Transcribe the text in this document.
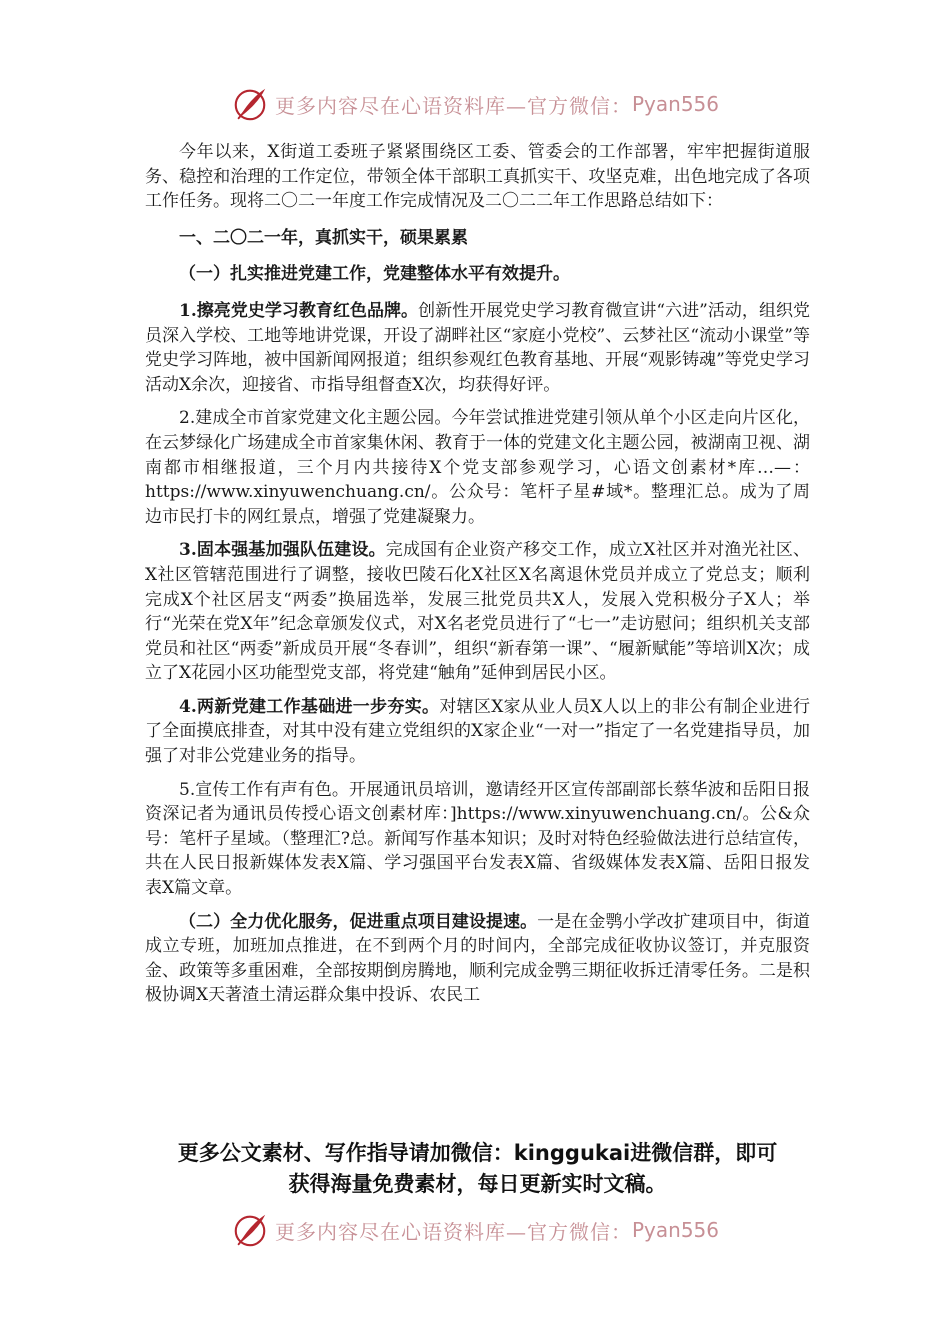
更多内容尽在心语资料库—官方微信： Pyan556

今年以来，X街道工委班子紧紧围绕区工委、管委会的工作部署，牢牢把握街道服务、稳控和治理的工作定位，带领全体干部职工真抓实干、攻坚克难，出色地完成了各项工作任务。现将二〇二一年度工作完成情况及二〇二二年工作思路总结如下：

一、二〇二一年，真抓实干，硕果累累

（一）扎实推进党建工作，党建整体水平有效提升。

1.擦亮党史学习教育红色品牌。创新性开展党史学习教育微宣讲“六进”活动，组织党员深入学校、工地等地讲党课，开设了湖畔社区“家庭小党校”、云梦社区“流动小课堂”等党史学习阵地，被中国新闻网报道；组织参观红色教育基地、开展“观影铸魂”等党史学习活动X余次，迎接省、市指导组督查X次，均获得好评。

2.建成全市首家党建文化主题公园。今年尝试推进党建引领从单个小区走向片区化，在云梦绿化广场建成全市首家集休闲、教育于一体的党建文化主题公园，被湖南卫视、湖南都市相继报道，三个月内共接待X个党支部参观学习，心语文创素材*库…—：https://www.xinyuwenchuang.cn/。公众号：笔杆子星#域*。整理汇总。成为了周边市民打卡的网红景点，增强了党建凝聚力。

3.固本强基加强队伍建设。完成国有企业资产移交工作，成立X社区并对渔光社区、X社区管辖范围进行了调整，接收巴陵石化X社区X名离退休党员并成立了党总支；顺利完成X个社区居支“两委”换届选举，发展三批党员共X人，发展入党积极分子X人；举行“光荣在党X年”纪念章颁发仪式，对X名老党员进行了“七一”走访慰问；组织机关支部党员和社区“两委”新成员开展“冬春训”，组织“新春第一课”、“履新赋能”等培训X次；成立了X花园小区功能型党支部，将党建“触角”延伸到居民小区。

4.两新党建工作基础进一步夯实。对辖区X家从业人员X人以上的非公有制企业进行了全面摸底排查，对其中没有建立党组织的X家企业“一对一”指定了一名党建指导员，加强了对非公党建业务的指导。

5.宣传工作有声有色。开展通讯员培训，邀请经开区宣传部副部长蔡华波和岳阳日报资深记者为通讯员传授心语文创素材库：]https://www.xinyuwenchuang.cn/。公&众号：笔杆子星域。（整理汇?总。新闻写作基本知识；及时对特色经验做法进行总结宣传，共在人民日报新媒体发表X篇、学习强国平台发表X篇、省级媒体发表X篇、岳阳日报发表X篇文章。

（二）全力优化服务，促进重点项目建设提速。一是在金鹗小学改扩建项目中，街道成立专班，加班加点推进，在不到两个月的时间内，全部完成征收协议签订，并克服资金、政策等多重困难，全部按期倒房腾地，顺利完成金鹗三期征收拆迁清零任务。二是积极协调X天著渣土清运群众集中投诉、农民工

更多公文素材、写作指导请加微信：kinggukai进微信群，即可
获得海量免费素材，每日更新实时文稿。
更多内容尽在心语资料库—官方微信： Pyan556
